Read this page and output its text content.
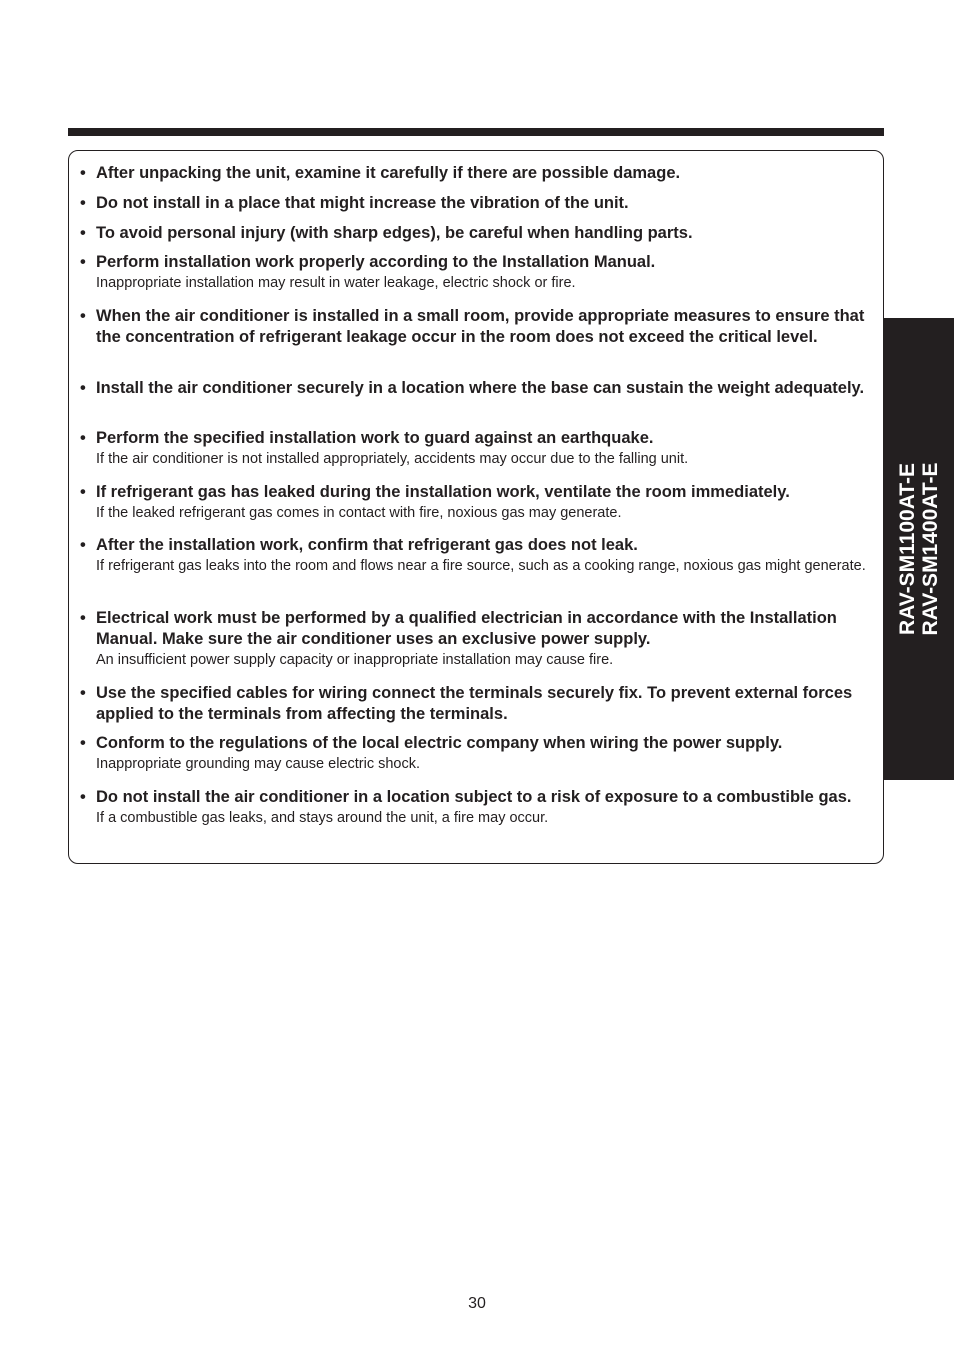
• After unpacking the unit, examine it carefully if there are possible damage.
• Do not install in a place that might increase the vibration of the unit.
• To avoid personal injury (with sharp edges), be careful when handling parts.
• Perform installation work properly according to the Installation Manual.
Inappropriate installation may result in water leakage, electric shock or fire.
• When the air conditioner is installed in a small room, provide appropriate measures to ensure that the concentration of refrigerant leakage occur in the room does not exceed the critical level.
• Install the air conditioner securely in a location where the base can sustain the weight adequately.
• Perform the specified installation work to guard against an earthquake.
If the air conditioner is not installed appropriately, accidents may occur due to the falling unit.
• If refrigerant gas has leaked during the installation work, ventilate the room immediately.
If the leaked refrigerant gas comes in contact with fire, noxious gas may generate.
• After the installation work, confirm that refrigerant gas does not leak.
If refrigerant gas leaks into the room and flows near a fire source, such as a cooking range, noxious gas might generate.
• Electrical work must be performed by a qualified electrician in accordance with the Installation Manual. Make sure the air conditioner uses an exclusive power supply.
An insufficient power supply capacity or inappropriate installation may cause fire.
• Use the specified cables for wiring connect the terminals securely fix. To prevent external forces applied to the terminals from affecting the terminals.
• Conform to the regulations of the local electric company when wiring the power supply.
Inappropriate grounding may cause electric shock.
• Do not install the air conditioner in a location subject to a risk of exposure to a combustible gas.
If a combustible gas leaks, and stays around the unit, a fire may occur.
RAV-SM1100AT-E RAV-SM1400AT-E
30
